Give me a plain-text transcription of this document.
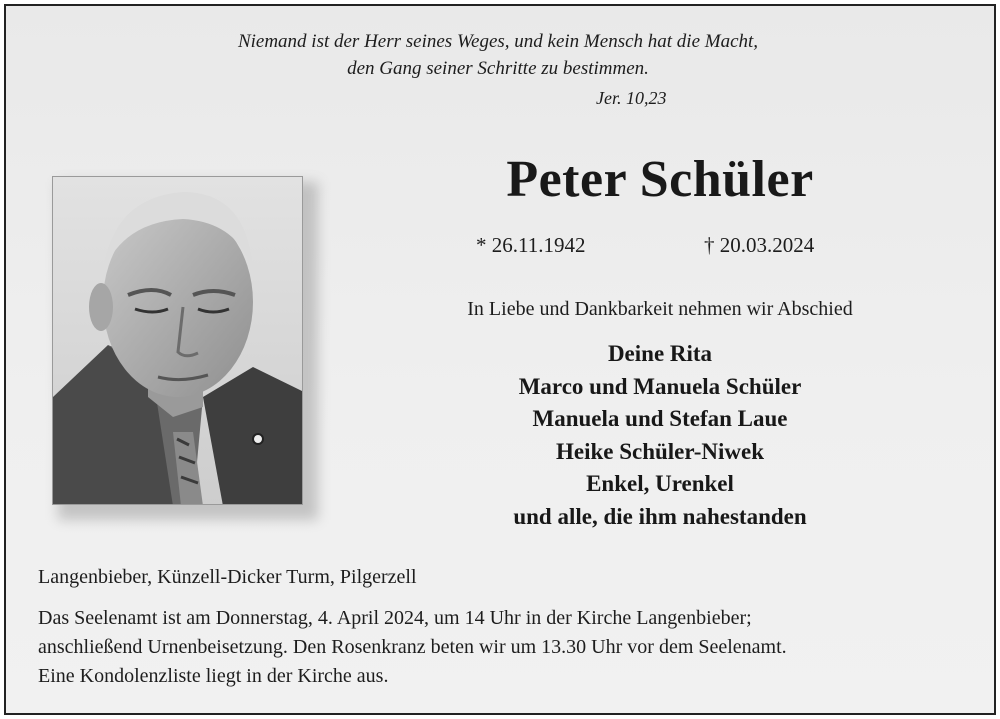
Niemand ist der Herr seines Weges, und kein Mensch hat die Macht,
den Gang seiner Schritte zu bestimmen.
Jer. 10,23
Peter Schüler
* 26.11.1942	† 20.03.2024
In Liebe und Dankbarkeit nehmen wir Abschied
Deine Rita
Marco und Manuela Schüler
Manuela und Stefan Laue
Heike Schüler-Niwek
Enkel, Urenkel
und alle, die ihm nahestanden
Langenbieber, Künzell-Dicker Turm, Pilgerzell
Das Seelenamt ist am Donnerstag, 4. April 2024, um 14 Uhr in der Kirche Langenbieber;
anschließend Urnenbeisetzung. Den Rosenkranz beten wir um 13.30 Uhr vor dem Seelenamt.
Eine Kondolenzliste liegt in der Kirche aus.
